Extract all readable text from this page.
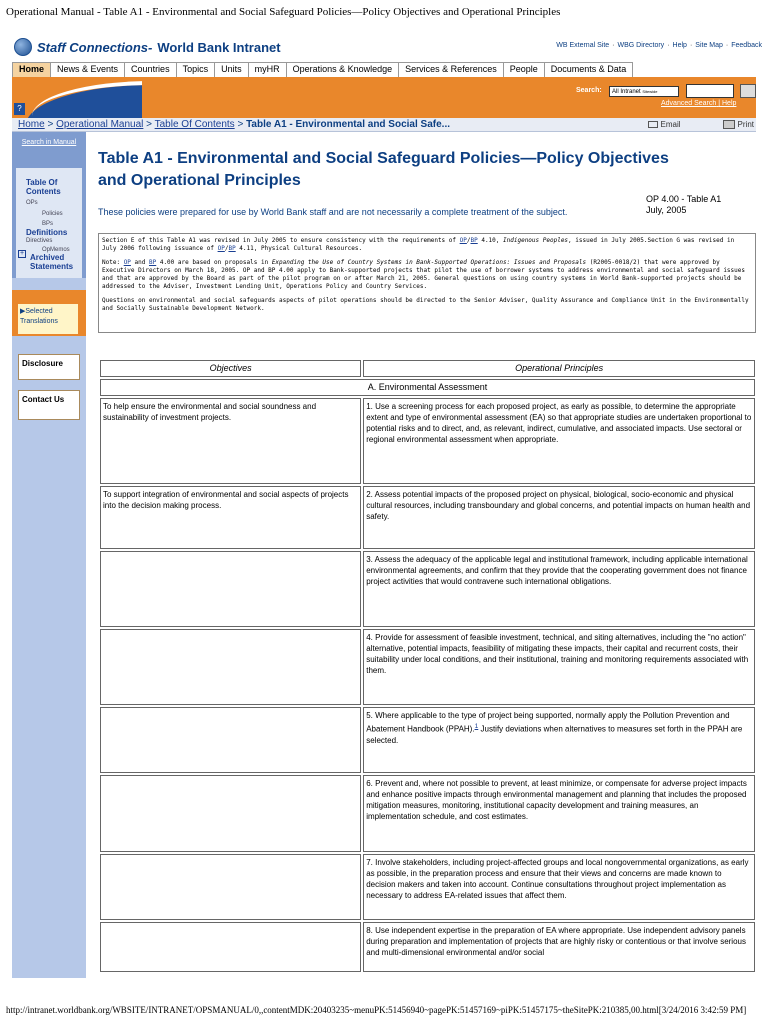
Operational Manual - Table A1 - Environmental and Social Safeguard Policies—Policy Objectives and Operational Principles
Staff Connections- World Bank Intranet	WB External Site · WBG Directory · Help · Site Map · Feedback
Home	News & Events	Countries	Topics	Units	myHR	Operations & Knowledge	Services & References	People	Documents & Data
?
Search:	All Intranet Sitewide
Advanced Search | Help
Home > Operational Manual > Table Of Contents > Table A1 - Environmental and Social Safe...	Email	Print
Search in Manual
Table Of Contents
OPs
Policies
BPs
Definitions
Directives
OpMemos
+ Archived Statements
▶Selected Translations
Disclosure
Contact Us
Table A1 - Environmental and Social Safeguard Policies—Policy Objectives and Operational Principles
OP 4.00 - Table A1
July, 2005
These policies were prepared for use by World Bank staff and are not necessarily a complete treatment of the subject.

Section E of this Table A1 was revised in July 2005 to ensure consistency with the requirements of OP/BP 4.10, Indigenous Peoples, issued in July 2005.Section G was revised in July 2006 following issuance of OP/BP 4.11, Physical Cultural Resources.

Note: OP and BP 4.00 are based on proposals in Expanding the Use of Country Systems in Bank-Supported Operations: Issues and Proposals (R2005-0018/2) that were approved by Executive Directors on March 18, 2005. OP and BP 4.00 apply to Bank-supported projects that pilot the use of borrower systems to address environmental and social safeguard issues and that are approved by the Board as part of the pilot program on or after March 21, 2005. General questions on using country systems in World Bank-supported projects should be addressed to the Adviser, Investment Lending Unit, Operations Policy and Country Services.

Questions on environmental and social safeguards aspects of pilot operations should be directed to the Senior Adviser, Quality Assurance and Compliance Unit in the Environmentally and Socially Sustainable Development Network.

Objectives	Operational Principles
A. Environmental Assessment	
To help ensure the environmental and social soundness and sustainability of investment projects.	1. Use a screening process for each proposed project, as early as possible, to determine the appropriate extent and type of environmental assessment (EA) so that appropriate studies are undertaken proportional to potential risks and to direct, and, as relevant, indirect, cumulative, and associated impacts. Use sectoral or regional environmental assessment when appropriate.
To support integration of environmental and social aspects of projects into the decision making process.	2. Assess potential impacts of the proposed project on physical, biological, socio-economic and physical cultural resources, including transboundary and global concerns, and potential impacts on human health and safety.
	3. Assess the adequacy of the applicable legal and institutional framework, including applicable international environmental agreements, and confirm that they provide that the cooperating government does not finance project activities that would contravene such international obligations.
	4. Provide for assessment of feasible investment, technical, and siting alternatives, including the "no action" alternative, potential impacts, feasibility of mitigating these impacts, their capital and recurrent costs, their suitability under local conditions, and their institutional, training and monitoring requirements associated with them.
	5. Where applicable to the type of project being supported, normally apply the Pollution Prevention and Abatement Handbook (PPAH).$^1$ Justify deviations when alternatives to measures set forth in the PPAH are selected.
	6. Prevent and, where not possible to prevent, at least minimize, or compensate for adverse project impacts and enhance positive impacts through environmental management and planning that includes the proposed mitigation measures, monitoring, institutional capacity development and training measures, an implementation schedule, and cost estimates.
	7. Involve stakeholders, including project-affected groups and local nongovernmental organizations, as early as possible, in the preparation process and ensure that their views and concerns are made known to decision makers and taken into account. Continue consultations throughout project implementation as necessary to address EA-related issues that affect them.
	8. Use independent expertise in the preparation of EA where appropriate. Use independent advisory panels during preparation and implementation of projects that are highly risky or contentious or that involve serious and multi-dimensional environmental and/or social
http://intranet.worldbank.org/WBSITE/INTRANET/OPSMANUAL/0,,contentMDK:20403235~menuPK:51456940~pagePK:51457169~piPK:51457175~theSitePK:210385,00.html[3/24/2016 3:42:59 PM]
